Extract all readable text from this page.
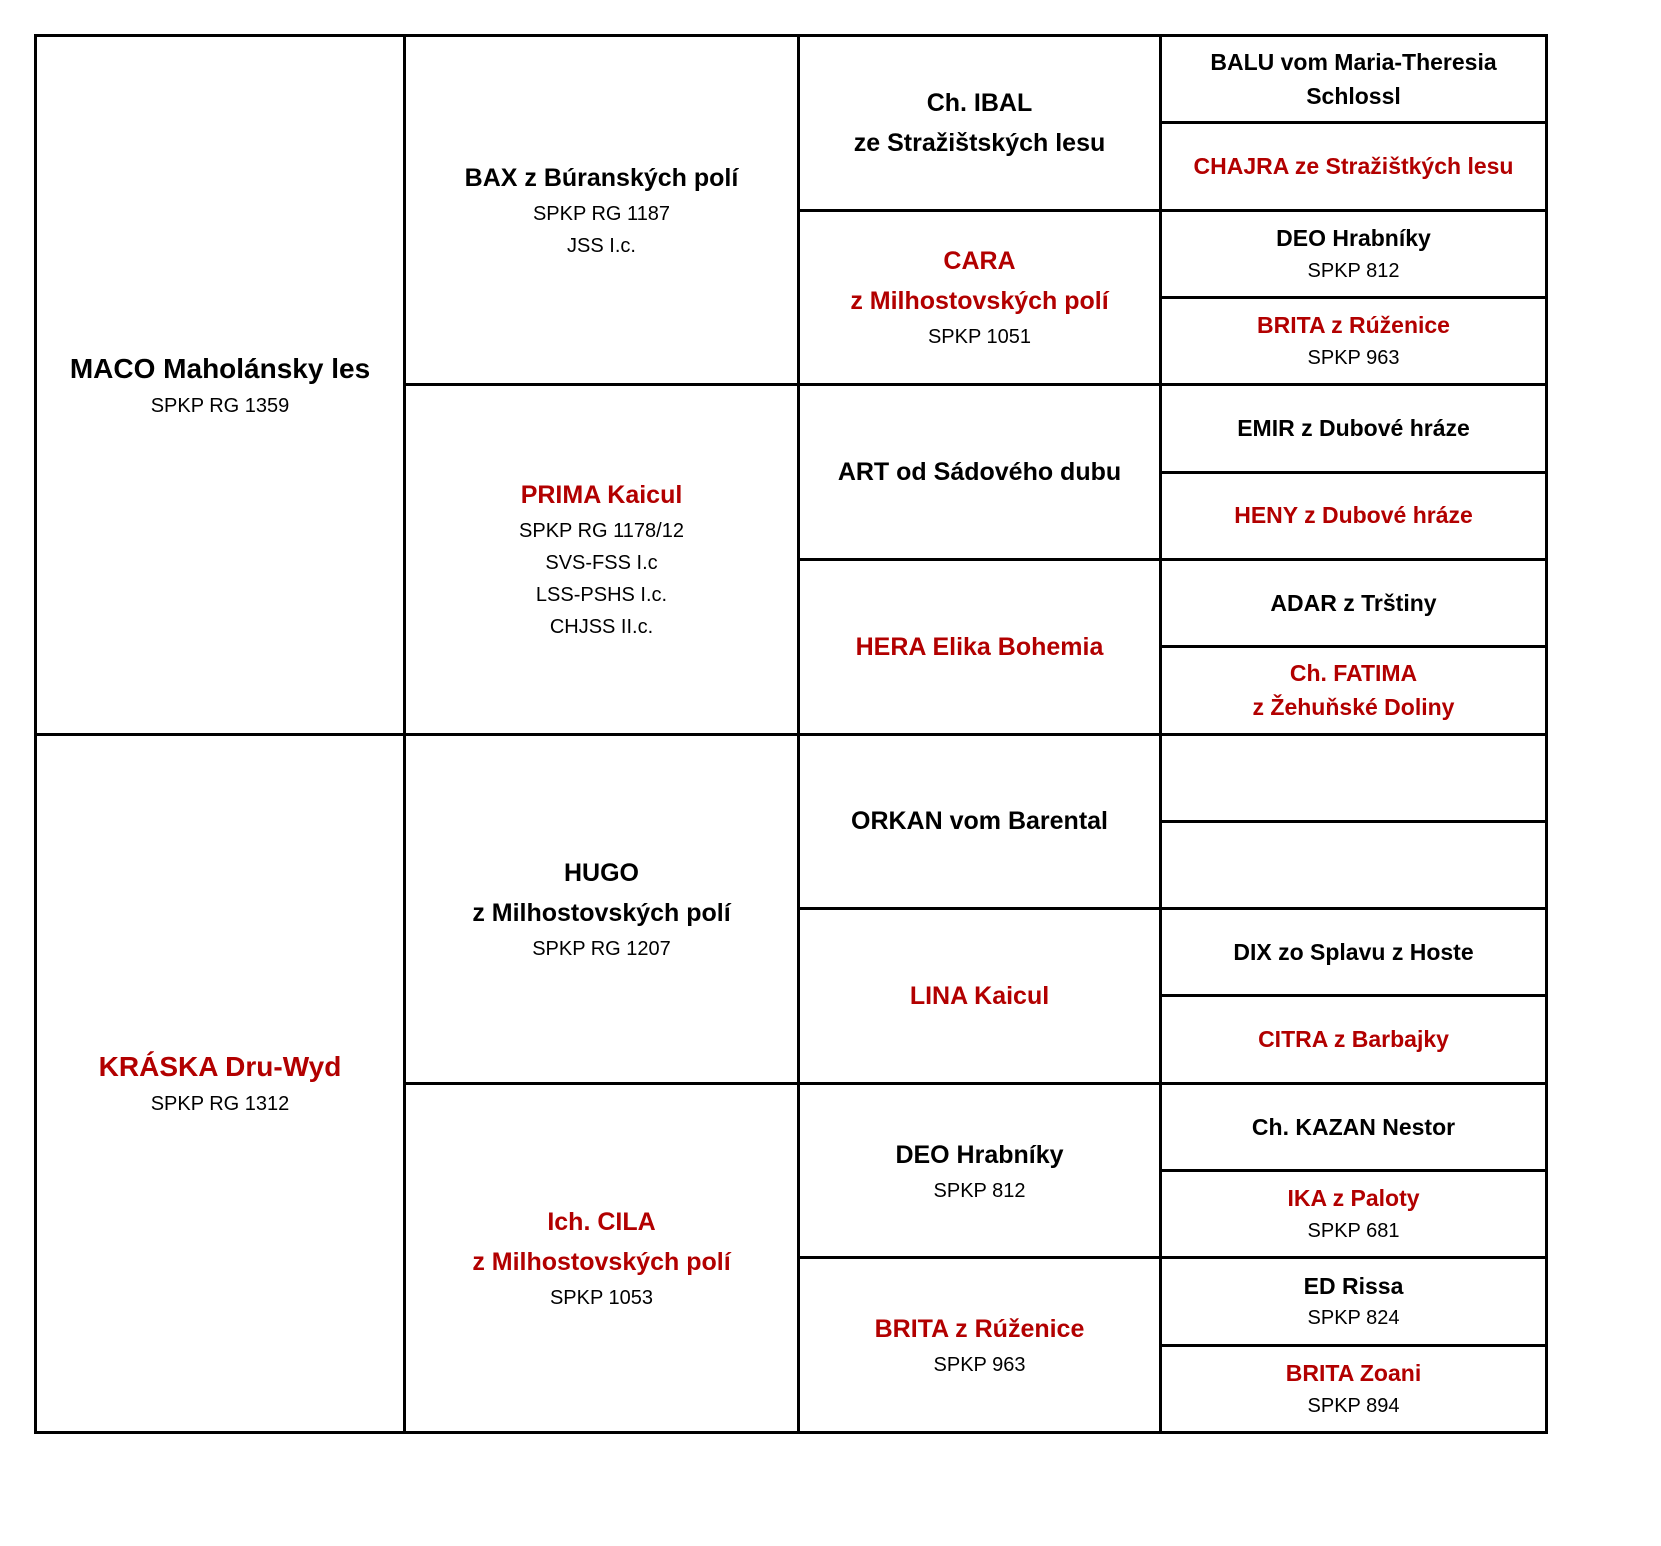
MACO Maholánsky les
SPKP RG 1359
KRÁSKA Dru-Wyd
SPKP RG 1312
BAX z Búranských polí
SPKP RG 1187
JSS I.c.
PRIMA Kaicul
SPKP RG 1178/12
SVS-FSS I.c
LSS-PSHS I.c.
CHJSS II.c.
HUGO
z Milhostovských polí
SPKP RG 1207
Ich. CILA
z Milhostovských polí
SPKP 1053
Ch. IBAL
ze Stražištských lesu
CARA
z Milhostovských polí
SPKP 1051
ART od Sádového dubu
HERA Elika Bohemia
ORKAN vom Barental
LINA Kaicul
DEO Hrabníky
SPKP 812
BRITA z Rúženice
SPKP 963
BALU vom Maria-Theresia
Schlossl
CHAJRA ze Stražištkých lesu
DEO Hrabníky
SPKP 812
BRITA z Rúženice
SPKP 963
EMIR z Dubové hráze
HENY z Dubové hráze
ADAR z Trštiny
Ch. FATIMA
z Žehuňské Doliny
DIX zo Splavu z Hoste
CITRA z Barbajky
Ch. KAZAN Nestor
IKA z Paloty
SPKP 681
ED Rissa
SPKP 824
BRITA Zoani
SPKP 894
